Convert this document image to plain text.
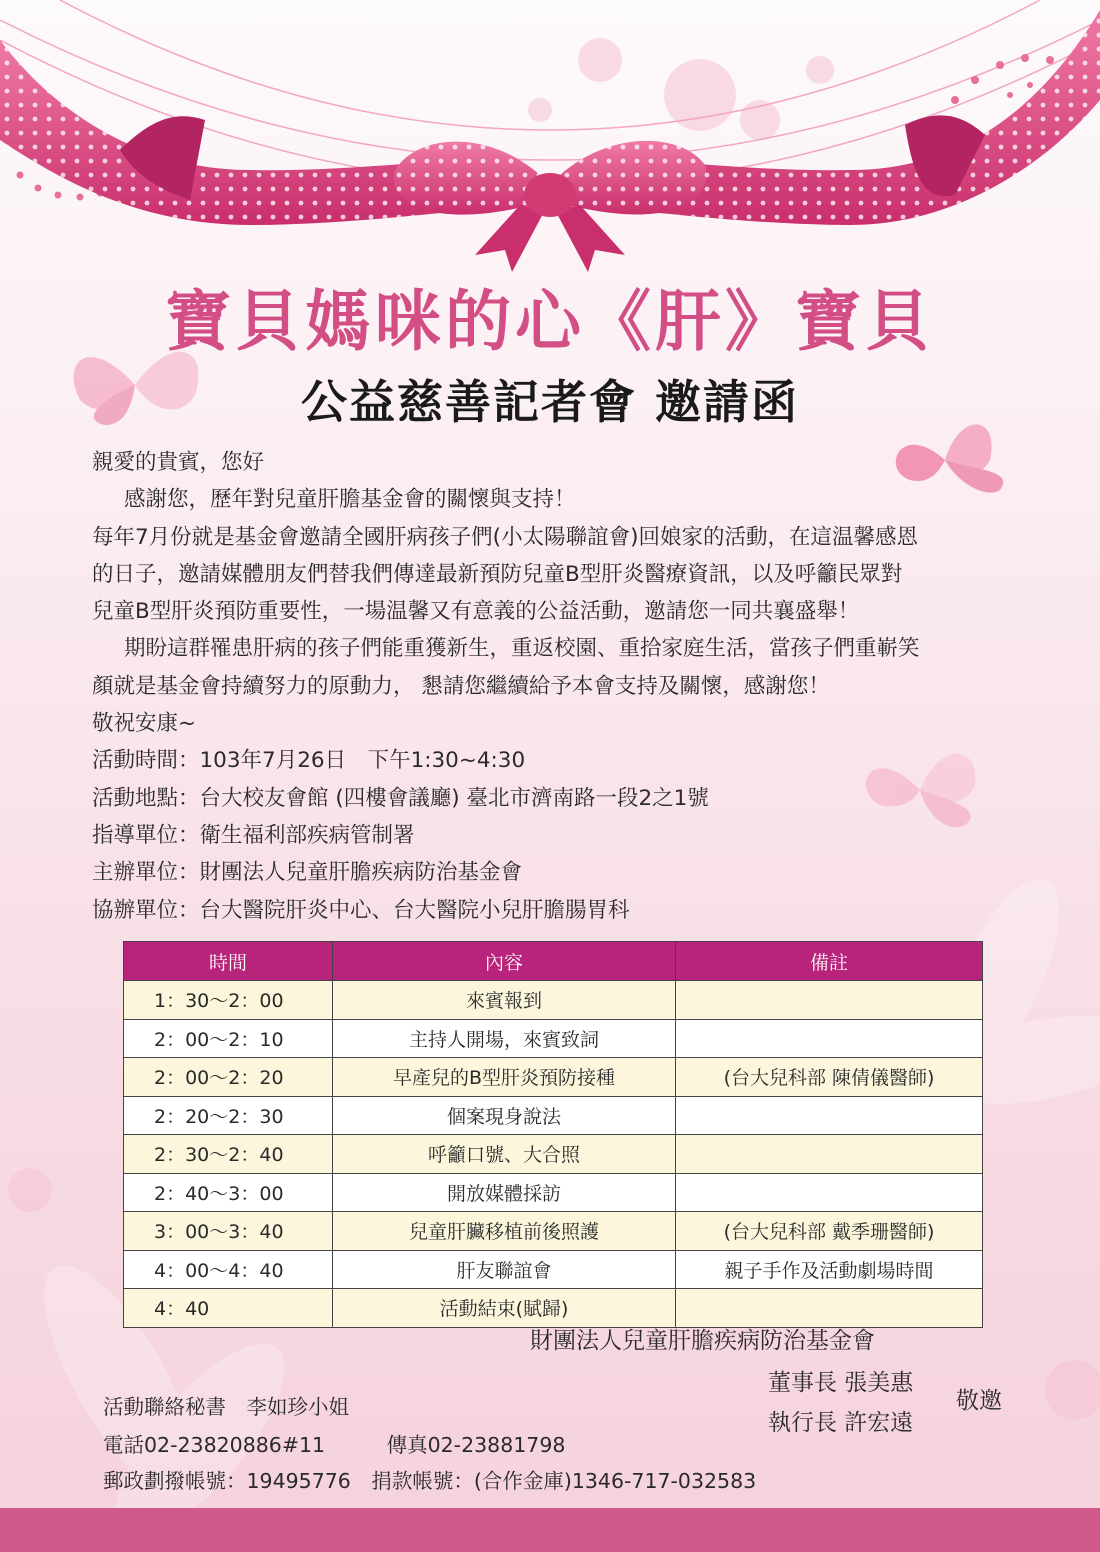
寶貝媽咪的心《肝》寶貝
公益慈善記者會 邀請函
親愛的貴賓，您好
感謝您，歷年對兒童肝膽基金會的關懷與支持！
每年7月份就是基金會邀請全國肝病孩子們(小太陽聯誼會)回娘家的活動，在這温馨感恩
的日子，邀請媒體朋友們替我們傳達最新預防兒童B型肝炎醫療資訊，以及呼籲民眾對
兒童B型肝炎預防重要性，一場温馨又有意義的公益活動，邀請您一同共襄盛舉！
期盼這群罹患肝病的孩子們能重獲新生，重返校園、重拾家庭生活，當孩子們重嶄笑
顏就是基金會持續努力的原動力， 懇請您繼續給予本會支持及關懷，感謝您！
敬祝安康~
活動時間：103年7月26日　下午1:30~4:30
活動地點：台大校友會館 (四樓會議廳) 臺北市濟南路一段2之1號
指導單位：衛生福利部疾病管制署
主辦單位：財團法人兒童肝膽疾病防治基金會
協辦單位：台大醫院肝炎中心、台大醫院小兒肝膽腸胃科
時間	內容	備註
1：30～2：00	來賓報到	
2：00～2：10	主持人開場，來賓致詞	
2：00～2：20	早產兒的B型肝炎預防接種	(台大兒科部 陳倩儀醫師)
2：20～2：30	個案現身說法	
2：30～2：40	呼籲口號、大合照	
2：40～3：00	開放媒體採訪	
3：00～3：40	兒童肝臟移植前後照護	(台大兒科部 戴季珊醫師)
4：00～4：40	肝友聯誼會	親子手作及活動劇場時間
4：40	活動結束(賦歸)	
財團法人兒童肝膽疾病防治基金會
董事長 張美惠
執行長 許宏遠
敬邀
活動聯絡秘書　李如珍小姐
電話02-23820886#11　　　傳真02-23881798
郵政劃撥帳號：19495776　捐款帳號：(合作金庫)1346-717-032583
